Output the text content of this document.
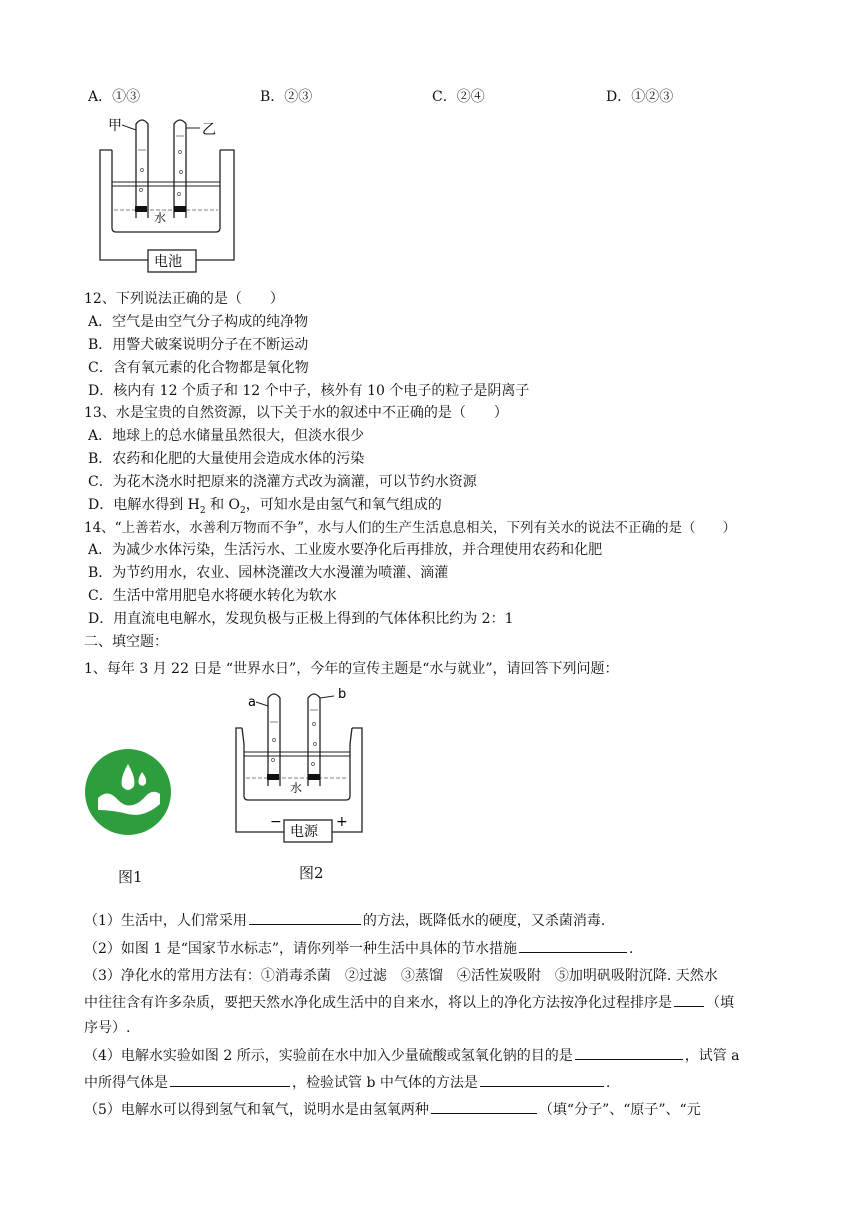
A．①③	B．②③	C．②④	D．①②③
甲	乙
水
电池
12、下列说法正确的是（　　）
A．空气是由空气分子构成的纯净物
B．用警犬破案说明分子在不断运动
C．含有氧元素的化合物都是氧化物
D．核内有 12 个质子和 12 个中子，核外有 10 个电子的粒子是阴离子
13、水是宝贵的自然资源，以下关于水的叙述中不正确的是（　　）
A．地球上的总水储量虽然很大，但淡水很少
B．农药和化肥的大量使用会造成水体的污染
C．为花木浇水时把原来的浇灌方式改为滴灌，可以节约水资源
D．电解水得到 $H_2$ 和 $O_2$，可知水是由氢气和氧气组成的
14、“上善若水，水善利万物而不争”，水与人们的生产生活息息相关，下列有关水的说法不正确的是（　　）
A．为减少水体污染，生活污水、工业废水要净化后再排放，并合理使用农药和化肥
B．为节约用水，农业、园林浇灌改大水漫灌为喷灌、滴灌
C．生活中常用肥皂水将硬水转化为软水
D．用直流电电解水，发现负极与正极上得到的气体体积比约为 2：1
二、填空题：
1、每年 3 月 22 日是 “世界水日”，今年的宣传主题是“水与就业”，请回答下列问题：
图1
a
b
水
−	+
电源
图2
（1）生活中，人们常采用	的方法，既降低水的硬度，又杀菌消毒.
（2）如图 1 是“国家节水标志”，请你列举一种生活中具体的节水措施	.
（3）净化水的常用方法有：①消毒杀菌　②过滤　③蒸馏　④活性炭吸附　⑤加明矾吸附沉降. 天然水
中往往含有许多杂质，要把天然水净化成生活中的自来水，将以上的净化方法按净化过程排序是 （填
序号）.
（4）电解水实验如图 2 所示，实验前在水中加入少量硫酸或氢氧化钠的目的是	，试管 a
中所得气体是	，检验试管 b 中气体的方法是	.
（5）电解水可以得到氢气和氧气，说明水是由氢氧两种	（填“分子”、“原子”、“元
